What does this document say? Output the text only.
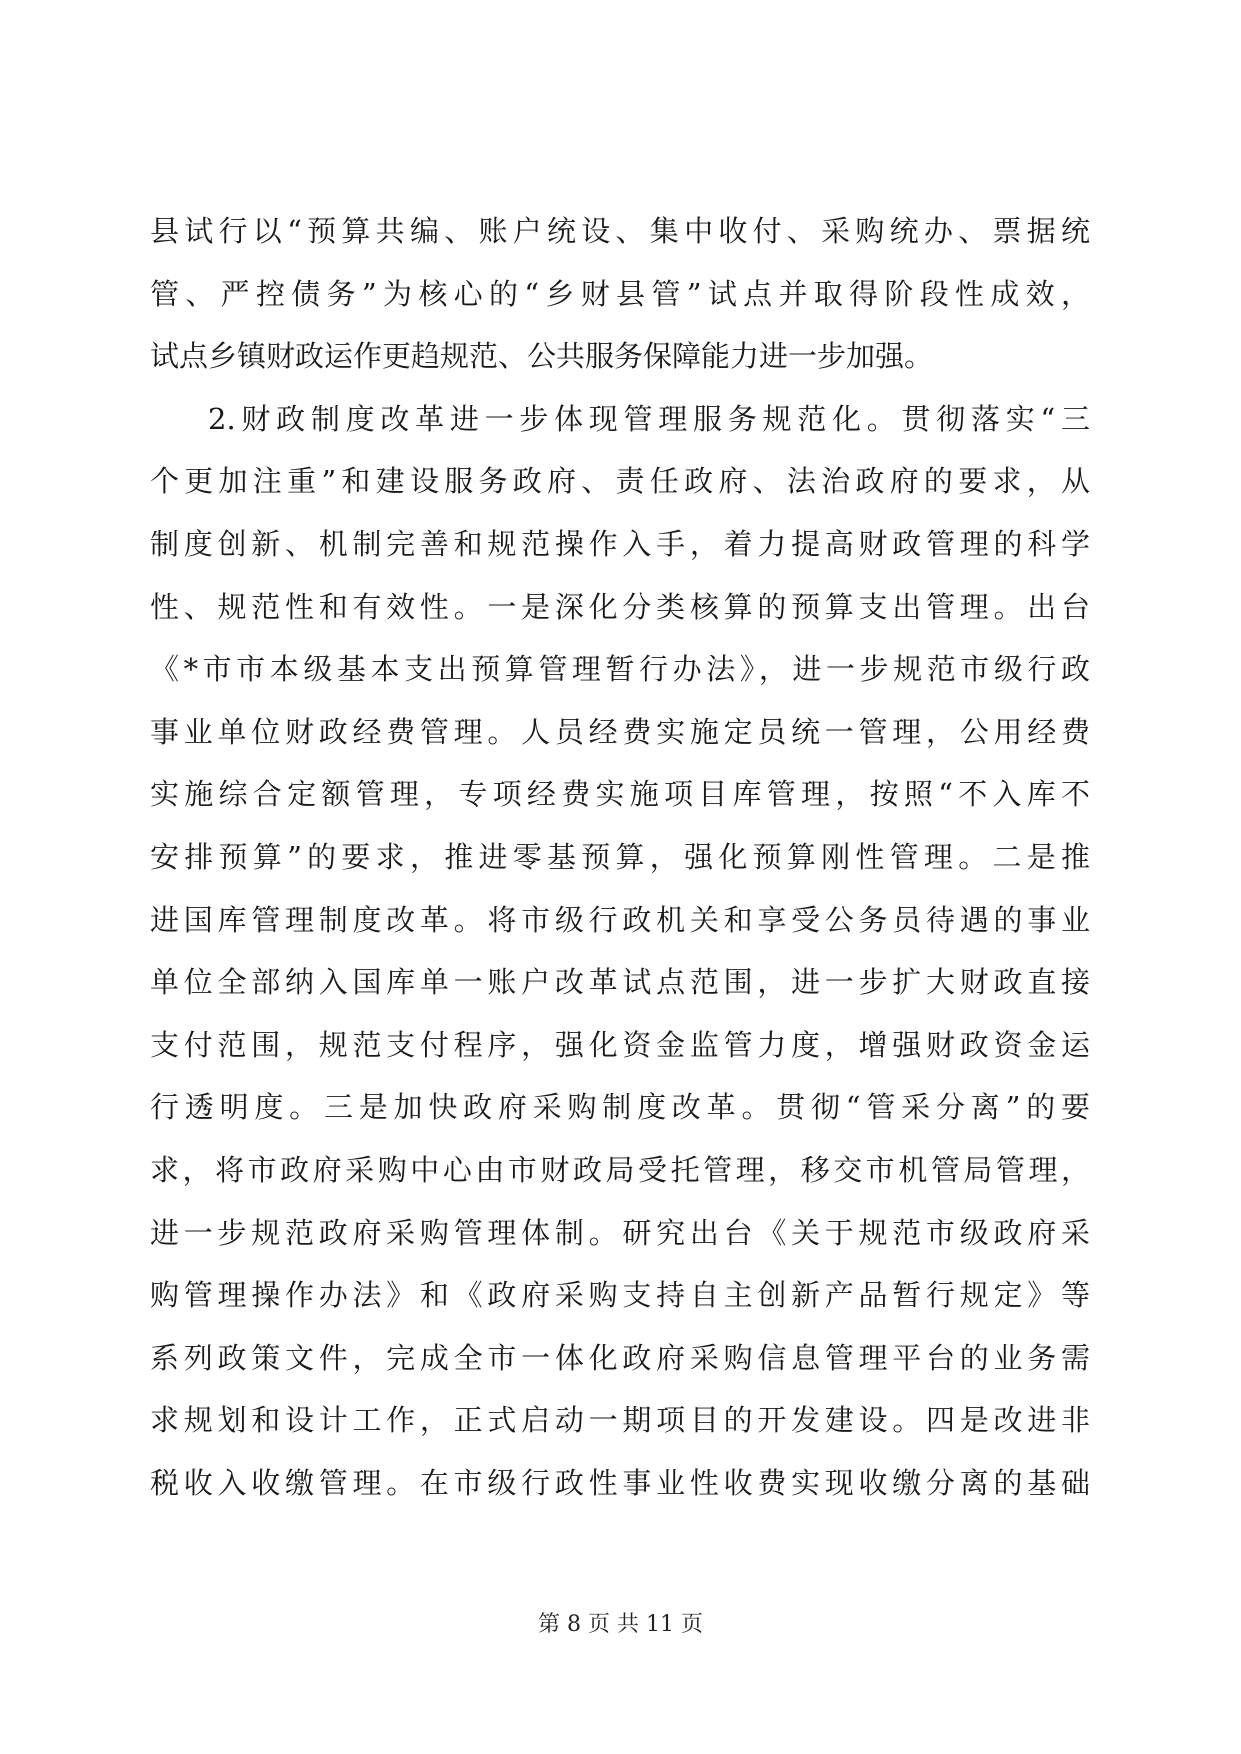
县试行以“预算共编、账户统设、集中收付、采购统办、票据统
管、严控债务”为核心的“乡财县管”试点并取得阶段性成效，
试点乡镇财政运作更趋规范、公共服务保障能力进一步加强。
2.财政制度改革进一步体现管理服务规范化。贯彻落实“三
个更加注重”和建设服务政府、责任政府、法治政府的要求，从
制度创新、机制完善和规范操作入手，着力提高财政管理的科学
性、规范性和有效性。一是深化分类核算的预算支出管理。出台
《*市市本级基本支出预算管理暂行办法》，进一步规范市级行政
事业单位财政经费管理。人员经费实施定员统一管理，公用经费
实施综合定额管理，专项经费实施项目库管理，按照“不入库不
安排预算”的要求，推进零基预算，强化预算刚性管理。二是推
进国库管理制度改革。将市级行政机关和享受公务员待遇的事业
单位全部纳入国库单一账户改革试点范围，进一步扩大财政直接
支付范围，规范支付程序，强化资金监管力度，增强财政资金运
行透明度。三是加快政府采购制度改革。贯彻“管采分离”的要
求，将市政府采购中心由市财政局受托管理，移交市机管局管理，
进一步规范政府采购管理体制。研究出台《关于规范市级政府采
购管理操作办法》和《政府采购支持自主创新产品暂行规定》等
系列政策文件，完成全市一体化政府采购信息管理平台的业务需
求规划和设计工作，正式启动一期项目的开发建设。四是改进非
税收入收缴管理。在市级行政性事业性收费实现收缴分离的基础
第 8 页 共 11 页
